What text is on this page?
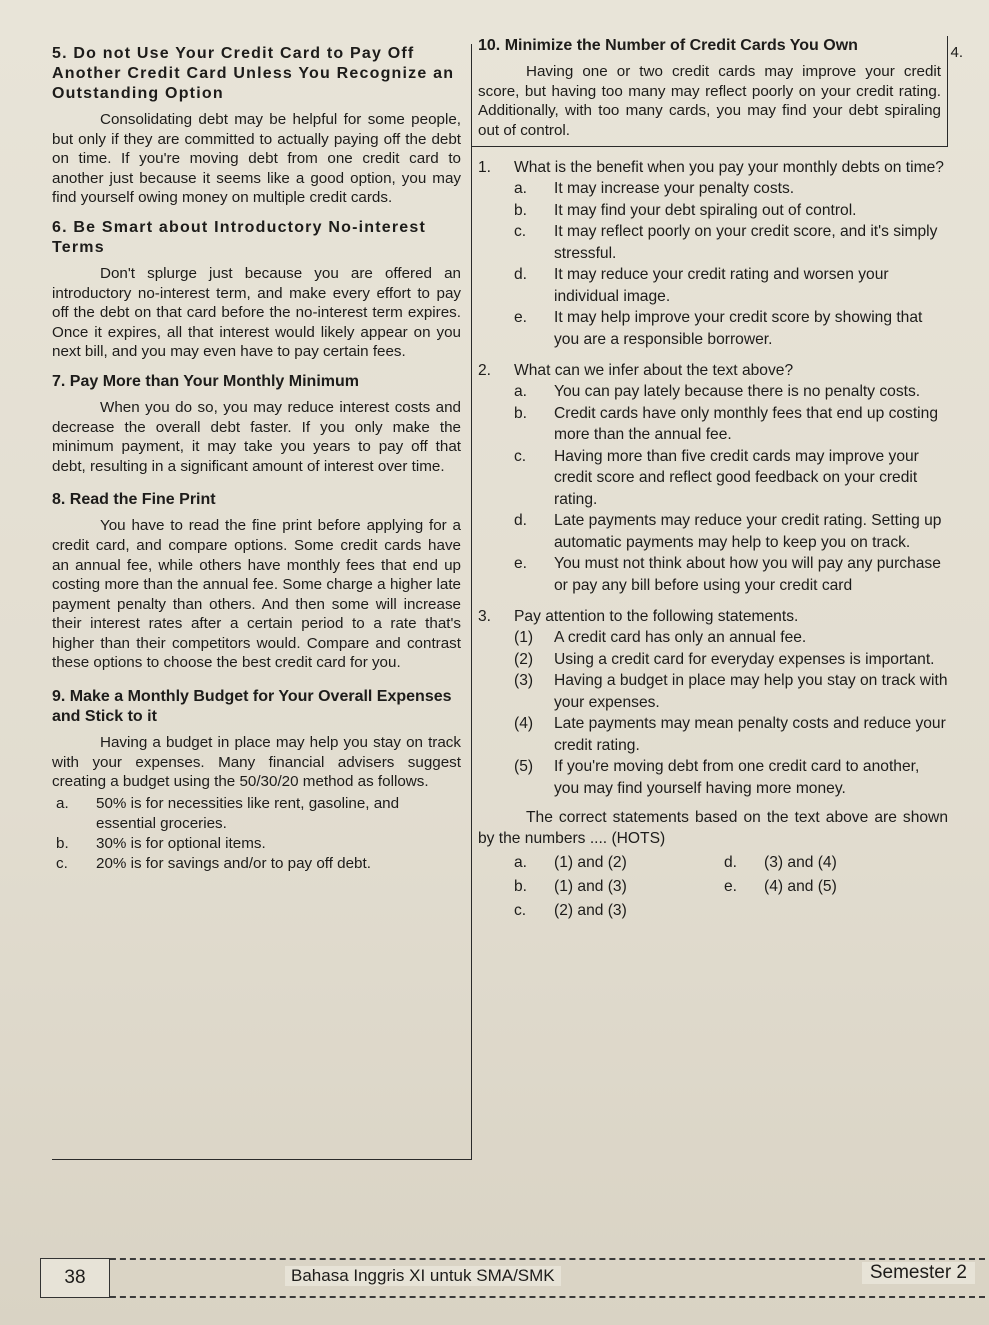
4.
5. Do not Use Your Credit Card to Pay Off Another Credit Card Unless You Recognize an Outstanding Option

Consolidating debt may be helpful for some people, but only if they are committed to actually paying off the debt on time. If you're moving debt from one credit card to another just because it seems like a good option, you may find yourself owing money on multiple credit cards.

6. Be Smart about Introductory No-interest Terms

Don't splurge just because you are offered an introductory no-interest term, and make every effort to pay off the debt on that card before the no-interest term expires. Once it expires, all that interest would likely appear on you next bill, and you may even have to pay certain fees.

7. Pay More than Your Monthly Minimum

When you do so, you may reduce interest costs and decrease the overall debt faster. If you only make the minimum payment, it may take you years to pay off that debt, resulting in a significant amount of interest over time.

8. Read the Fine Print

You have to read the fine print before applying for a credit card, and compare options. Some credit cards have an annual fee, while others have monthly fees that end up costing more than the annual fee. Some charge a higher late payment penalty than others. And then some will increase their interest rates after a certain period to a rate that's higher than their competitors would. Compare and contrast these options to choose the best credit card for you.

9. Make a Monthly Budget for Your Overall Expenses and Stick to it

Having a budget in place may help you stay on track with your expenses. Many financial advisers suggest creating a budget using the 50/30/20 method as follows.

a.	50% is for necessities like rent, gasoline, and essential groceries.
b.	30% is for optional items.
c.	20% is for savings and/or to pay off debt.
10. Minimize the Number of Credit Cards You Own

Having one or two credit cards may improve your credit score, but having too many may reflect poorly on your credit rating. Additionally, with too many cards, you may find your debt spiraling out of control.

1.	What is the benefit when you pay your monthly debts on time?
a.	It may increase your penalty costs.
b.	It may find your debt spiraling out of control.
c.	It may reflect poorly on your credit score, and it's simply stressful.
d.	It may reduce your credit rating and worsen your individual image.
e.	It may help improve your credit score by showing that you are a responsible borrower.
2.	What can we infer about the text above?
a.	You can pay lately because there is no penalty costs.
b.	Credit cards have only monthly fees that end up costing more than the annual fee.
c.	Having more than five credit cards may improve your credit score and reflect good feedback on your credit rating.
d.	Late payments may reduce your credit rating. Setting up automatic payments may help to keep you on track.
e.	You must not think about how you will pay any purchase or pay any bill before using your credit card
3.	Pay attention to the following statements.
(1)	A credit card has only an annual fee.
(2)	Using a credit card for everyday expenses is important.
(3)	Having a budget in place may help you stay on track with your expenses.
(4)	Late payments may mean penalty costs and reduce your credit rating.
(5)	If you're moving debt from one credit card to another, you may find yourself having more money.

The correct statements based on the text above are shown by the numbers .... (HOTS)

a.	(1) and (2)	d.	(3) and (4)
b.	(1) and (3)	e.	(4) and (5)
c.	(2) and (3)
38	Bahasa Inggris XI untuk SMA/SMK	Semester 2
